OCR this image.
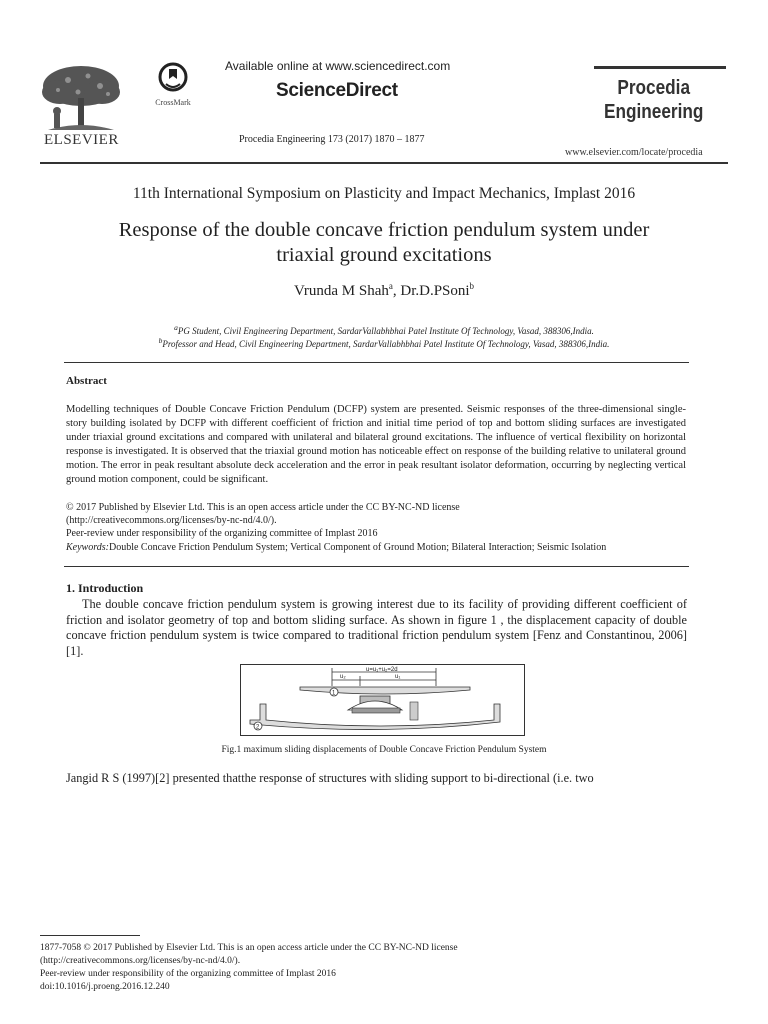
ELSEVIER
CrossMark
Available online at www.sciencedirect.com
ScienceDirect
Procedia Engineering 173 (2017) 1870 – 1877
Procedia
Engineering
www.elsevier.com/locate/procedia
11th International Symposium on Plasticity and Impact Mechanics, Implast 2016
Response of the double concave friction pendulum system under
triaxial ground excitations
Vrunda M Shah$^a$, Dr.D.PSoni$^b$
$^a$PG Student, Civil Engineering Department, SardarVallabhbhai Patel Institute Of Technology, Vasad, 388306,India.
$^b$Professor and Head, Civil Engineering Department, SardarVallabhbhai Patel Institute Of Technology, Vasad, 388306,India.
Abstract
Modelling techniques of Double Concave Friction Pendulum (DCFP) system are presented. Seismic responses of the three-dimensional single-story building isolated by DCFP with different coefficient of friction and initial time period of top and bottom sliding surfaces are investigated under triaxial ground excitations and compared with unilateral and bilateral ground excitations. The influence of vertical flexibility on horizontal response is investigated. It is observed that the triaxial ground motion has noticeable effect on response of the building relative to unilateral ground motion. The error in peak resultant absolute deck acceleration and the error in peak resultant isolator deformation, occurring by neglecting vertical ground motion component, could be significant.
© 2017 Published by Elsevier Ltd. This is an open access article under the CC BY-NC-ND license
(http://creativecommons.org/licenses/by-nc-nd/4.0/).
Peer-review under responsibility of the organizing committee of Implast 2016
Keywords:Double Concave Friction Pendulum System; Vertical Component of Ground Motion; Bilateral Interaction; Seismic Isolation
1. Introduction
The double concave friction pendulum system is growing interest due to its facility of providing different coefficient of friction and isolator geometry of top and bottom sliding surface. As shown in figure 1 , the displacement capacity of double concave friction pendulum system is twice compared to traditional friction pendulum system [Fenz and Constantinou, 2006][1].
u=u₁+u₂=2d
u₂	u₁
1
2
Fig.1 maximum sliding displacements of Double Concave Friction Pendulum System
Jangid R S (1997)[2] presented thatthe response of structures with sliding support to bi-directional (i.e. two
1877-7058 © 2017 Published by Elsevier Ltd. This is an open access article under the CC BY-NC-ND license
(http://creativecommons.org/licenses/by-nc-nd/4.0/).
Peer-review under responsibility of the organizing committee of Implast 2016
doi:10.1016/j.proeng.2016.12.240
